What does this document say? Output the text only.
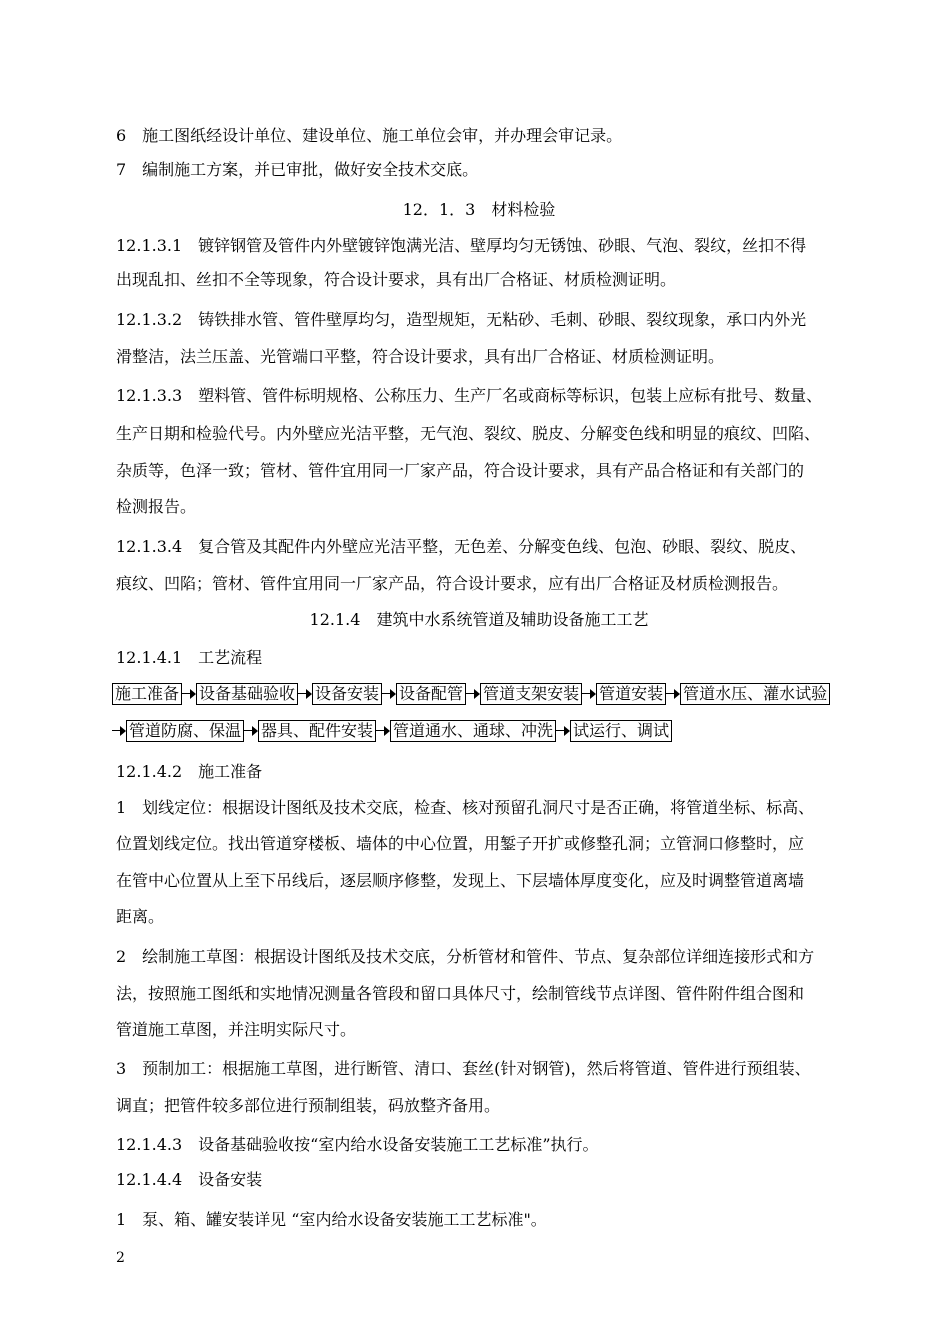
6　施工图纸经设计单位、建设单位、施工单位会审，并办理会审记录。

7　编制施工方案，并已审批，做好安全技术交底。

12．1．3　材料检验

12.1.3.1　镀锌钢管及管件内外壁镀锌饱满光洁、壁厚均匀无锈蚀、砂眼、气泡、裂纹，丝扣不得

出现乱扣、丝扣不全等现象，符合设计要求，具有出厂合格证、材质检测证明。

12.1.3.2　铸铁排水管、管件壁厚均匀，造型规矩，无粘砂、毛刺、砂眼、裂纹现象，承口内外光

滑整洁，法兰压盖、光管端口平整，符合设计要求，具有出厂合格证、材质检测证明。

12.1.3.3　塑料管、管件标明规格、公称压力、生产厂名或商标等标识，包装上应标有批号、数量、

生产日期和检验代号。内外壁应光洁平整，无气泡、裂纹、脱皮、分解变色线和明显的痕纹、凹陷、

杂质等，色泽一致；管材、管件宜用同一厂家产品，符合设计要求，具有产品合格证和有关部门的

检测报告。

12.1.3.4　复合管及其配件内外壁应光洁平整，无色差、分解变色线、包泡、砂眼、裂纹、脱皮、

痕纹、凹陷；管材、管件宜用同一厂家产品，符合设计要求，应有出厂合格证及材质检测报告。

12.1.4　建筑中水系统管道及辅助设备施工工艺

12.1.4.1　工艺流程

施工准备 设备基础验收 设备安装 设备配管 管道支架安装 管道安装 管道水压、灌水试验
管道防腐、保温 器具、配件安装 管道通水、通球、冲洗 试运行、调试

12.1.4.2　施工准备

1　划线定位：根据设计图纸及技术交底，检查、核对预留孔洞尺寸是否正确，将管道坐标、标高、

位置划线定位。找出管道穿楼板、墙体的中心位置，用錾子开扩或修整孔洞；立管洞口修整时，应

在管中心位置从上至下吊线后，逐层顺序修整，发现上、下层墙体厚度变化，应及时调整管道离墙

距离。

2　绘制施工草图：根据设计图纸及技术交底，分析管材和管件、节点、复杂部位详细连接形式和方

法，按照施工图纸和实地情况测量各管段和留口具体尺寸，绘制管线节点详图、管件附件组合图和

管道施工草图，并注明实际尺寸。

3　预制加工：根据施工草图，进行断管、清口、套丝(针对钢管)，然后将管道、管件进行预组装、

调直；把管件较多部位进行预制组装，码放整齐备用。

12.1.4.3　设备基础验收按“室内给水设备安装施工工艺标准”执行。

12.1.4.4　设备安装

1　泵、箱、罐安装详见 “室内给水设备安装施工工艺标准"。

2
